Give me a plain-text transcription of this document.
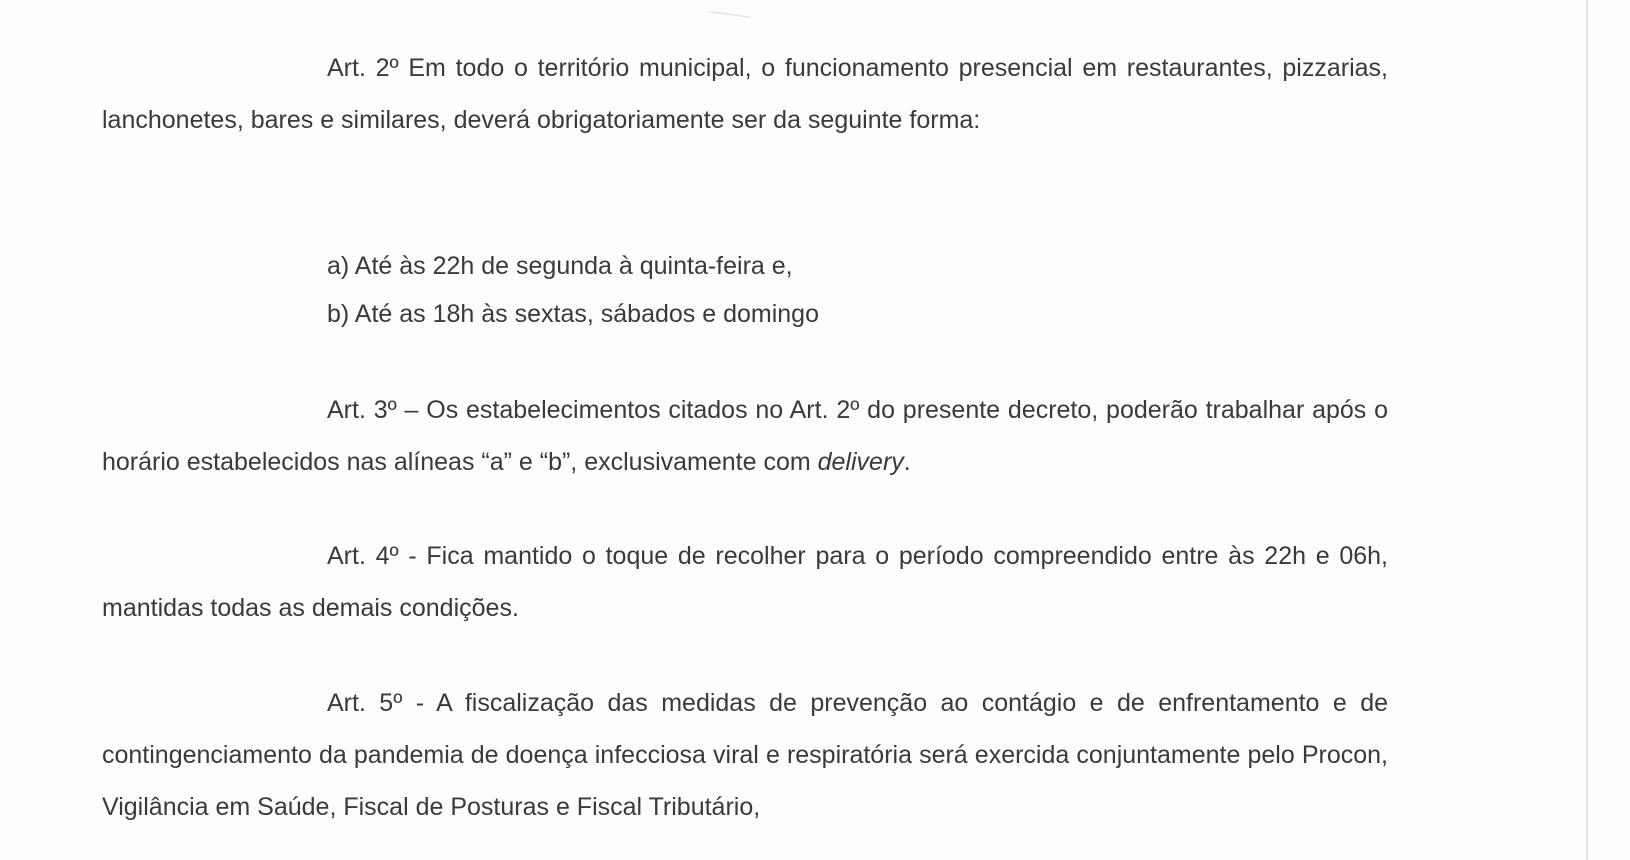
Art. 2º Em todo o território municipal, o funcionamento presencial em restaurantes, pizzarias, lanchonetes, bares e similares, deverá obrigatoriamente ser da seguinte forma:

a) Até às 22h de segunda à quinta-feira e,

b) Até as 18h às sextas, sábados e domingo

Art. 3º – Os estabelecimentos citados no Art. 2º do presente decreto, poderão trabalhar após o horário estabelecidos nas alíneas “a” e “b”, exclusivamente com delivery.

Art. 4º - Fica mantido o toque de recolher para o período compreendido entre às 22h e 06h, mantidas todas as demais condições.

Art. 5º - A fiscalização das medidas de prevenção ao contágio e de enfrentamento e de contingenciamento da pandemia de doença infecciosa viral e respiratória será exercida conjuntamente pelo Procon, Vigilância em Saúde, Fiscal de Posturas e Fiscal Tributário,
